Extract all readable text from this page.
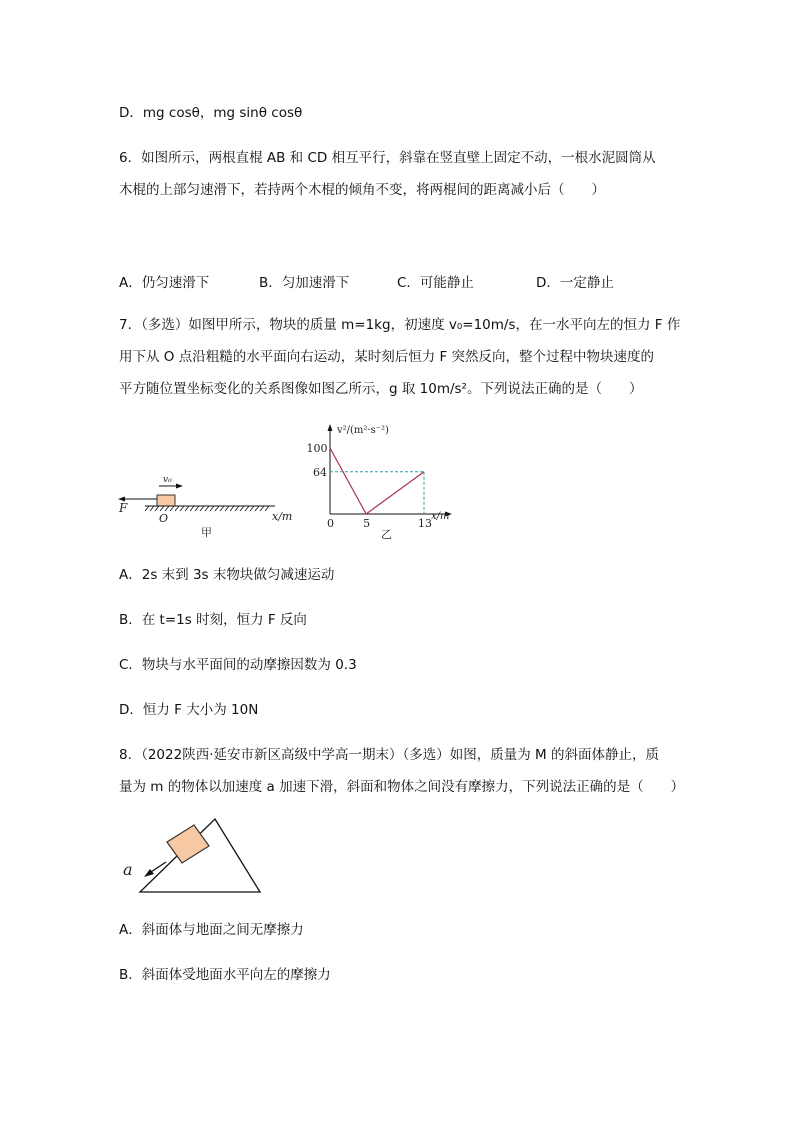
D．mg cosθ，mg sinθ cosθ
6．如图所示，两根直棍 AB 和 CD 相互平行，斜靠在竖直壁上固定不动，一根水泥圆筒从
木棍的上部匀速滑下，若持两个木棍的倾角不变，将两棍间的距离减小后（　　）
A．仍匀速滑下	B．匀加速滑下	C．可能静止	D．一定静止
7．（多选）如图甲所示，物块的质量 m=1kg，初速度 v₀=10m/s，在一水平向左的恒力 F 作
用下从 O 点沿粗糙的水平面向右运动，某时刻后恒力 F 突然反向，整个过程中物块速度的
平方随位置坐标变化的关系图像如图乙所示，g 取 10m/s²。下列说法正确的是（　　）
F
v₀
O	x/m
甲
v²/(m²·s⁻²)
x/m
0	5	13
100
64
乙
A．2s 末到 3s 末物块做匀减速运动
B．在 t=1s 时刻，恒力 F 反向
C．物块与水平面间的动摩擦因数为 0.3
D．恒力 F 大小为 10N
8．（2022陕西·延安市新区高级中学高一期末）（多选）如图，质量为 M 的斜面体静止，质
量为 m 的物体以加速度 a 加速下滑，斜面和物体之间没有摩擦力，下列说法正确的是（　　）
a
A．斜面体与地面之间无摩擦力
B．斜面体受地面水平向左的摩擦力
